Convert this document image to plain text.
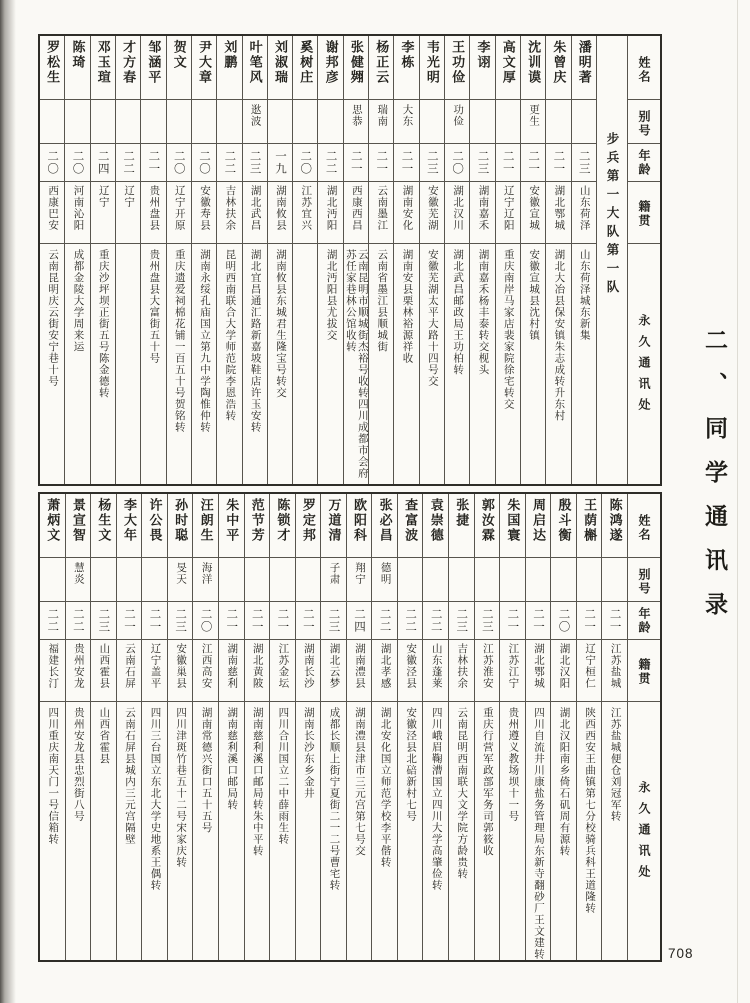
罗松生
二〇
西康巴安
云南昆明庆云街安宁巷十号
陈琦
二〇
河南沁阳
成都金陵大学周来运
邓玉瑄
二四
辽宁
重庆沙坪坝正街五号陈金德转
才方春
二二
辽宁
邹涵平
二一
贵州盘县
贵州盘县大富街五十号
贺文
二〇
辽宁开原
重庆遗爱祠棉花铺一百五十号贺铭转
尹大章
二〇
安徽寿县
湖南永绥孔庙国立第九中学陶惟仲转
刘鹏
二二
吉林扶余
昆明西南联合大学师范院李恩浩转
叶笔风
逖波
二三
湖北武昌
湖北宜昌通汇路新嘉坡鞋店许玉安转
刘淑瑞
一九
湖南攸县
湖南攸县东城君生隆宝号转交
奚树庄
二〇
江苏宜兴
谢邦彦
二二
湖北沔阳
湖北沔阳县尤拔交
张健翙
思恭
二一
西康西昌
云南昆明市顺城街杰裕号收转四川成都市会府苏任家巷林公馆收转
杨正云
瑞南
二一
云南墨江
云南省墨江县顺城街
李栋
大东
二一
湖南安化
湖南安县栗林裕源祥收
韦光明
二三
安徽芜湖
安徽芜湖太平大路十四号交
王功俭
功俭
二〇
湖北汉川
湖北武昌邮政局王功柏转
李诩
二三
湖南嘉禾
湖南嘉禾杨丰泰转交枧头
高文厚
二一
辽宁辽阳
重庆南岸马家店裴家院徐宅转交
沈训谟
更生
二一
安徽宣城
安徽宣城县沈村镇
朱曾庆
二一
湖北鄂城
湖北大冶县保安镇朱志成转升东村
潘明著
二三
山东荷泽
山东荷泽城东新集 步兵第一大队第一队
姓名
别号
年龄
籍贯
永久通讯处
萧炳文
二二
福建长汀
四川重庆南天门一号信箱转
景宣智
慧炎
二二
贵州安龙
贵州安龙县忠烈街八号
杨生文
二三
山西霍县
山西省霍县
李大年
二一
云南石屏
云南石屏县城内三元宫隔壁
许公畏
二一
辽宁盖平
四川三台国立东北大学史地系王偶转
孙时聪
旻天
二三
安徽巢县
四川津斑竹巷五十二号宋家庆转
汪朗生
海洋
二〇
江西高安
湖南常德兴街口五十五号
朱中平
二一
湖南慈利
湖南慈利溪口邮局转
范节芳
二一
湖北黄陂
湖南慈利溪口邮局转朱中平转
陈锁才
二一
江苏金坛
四川合川国立二中薛雨生转
罗定邦
二一
湖南长沙
湖南长沙东乡金井
万道清
子肃
二三
湖北云梦
成都长顺上街宁夏街二一二号曹宅转
欧阳科
翔宁
二四
湖南澧县
湖南澧县津市三元宫第七号交
张必昌
德明
二二
湖北孝感
湖北安化国立师范学校李平偕转
查富波
二二
安徽泾县
安徽泾县北碚新村七号
袁崇德
二二
山东蓬莱
四川峨眉鞠漕国立四川大学高肇俭转
张捷
二三
吉林扶余
云南昆明西南联大文学院方龄贵转
郭汝霖
二三
江苏淮安
重庆行营军政部军务司郭筱收
朱国寰
二一
江苏江宁
贵州遵义教场坝十一号
周启达
二一
湖北鄂城
四川自流井川康盐务管理局东新寺翻砂厂王文建转
殷斗衡
二〇
湖北汉阳
湖北汉阳南乡倚石矶周有源转
王荫槲
二一
辽宁桓仁
陕西西安王曲镇第七分校骑兵科王道隆转
陈鸿遂
二一
江苏盐城
江苏盐城便仓刘冠军转
姓名
别号
年龄
籍贯
永久通讯处
二、同学通讯录
708
